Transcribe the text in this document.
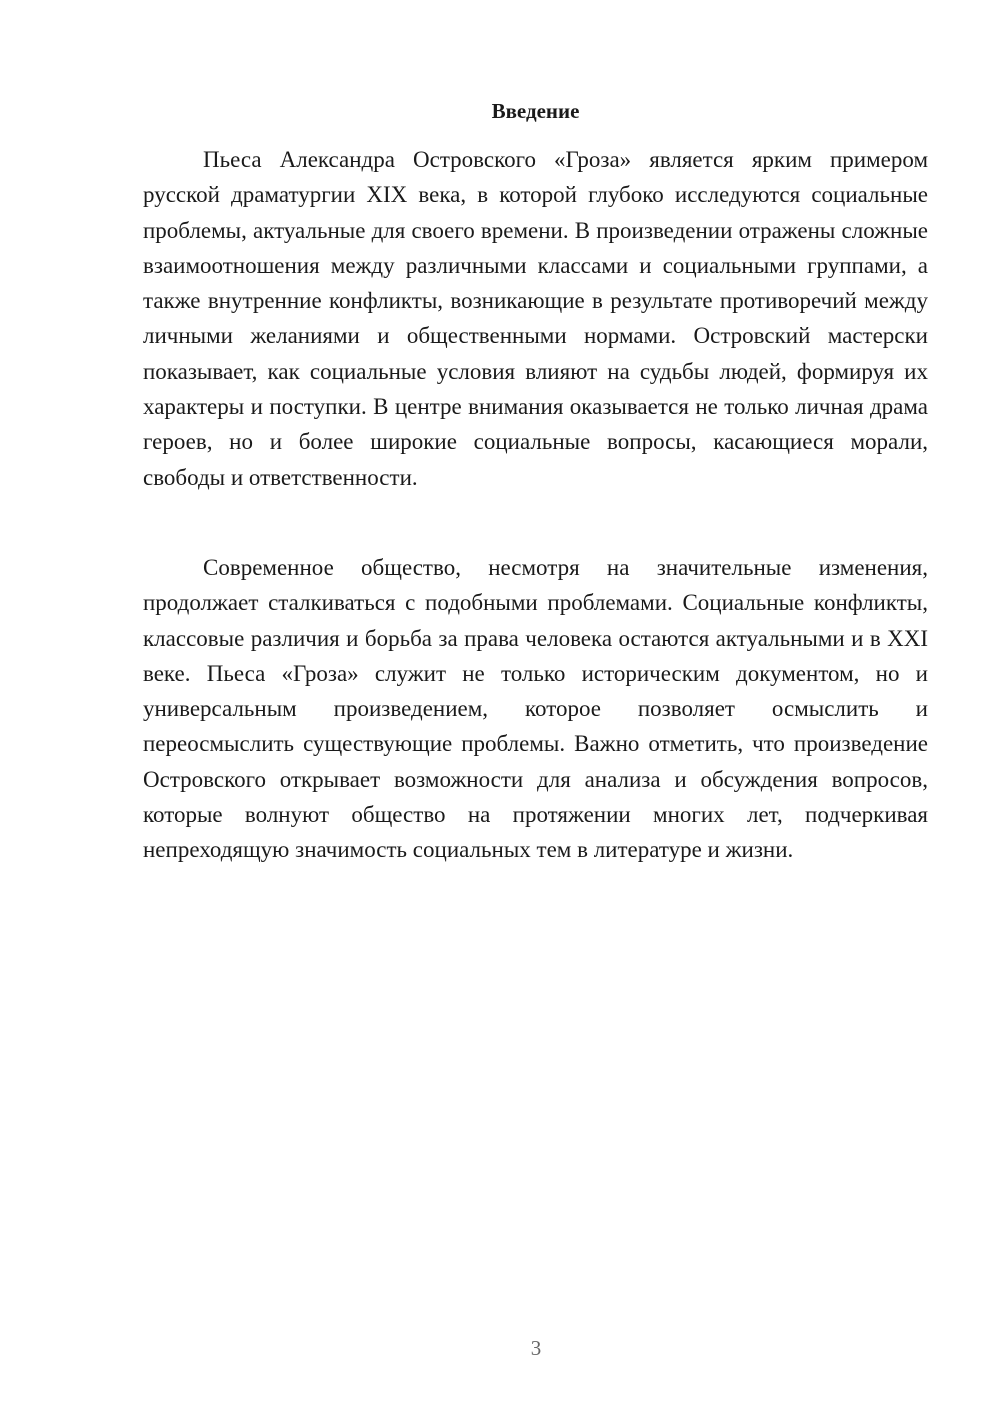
Введение

Пьеса Александра Островского «Гроза» является ярким примером русской драматургии XIX века, в которой глубоко исследуются социальные проблемы, актуальные для своего времени. В произведении отражены сложные взаимоотношения между различными классами и социальными группами, а также внутренние конфликты, возникающие в результате противоречий между личными желаниями и общественными нормами. Островский мастерски показывает, как социальные условия влияют на судьбы людей, формируя их характеры и поступки. В центре внимания оказывается не только личная драма героев, но и более широкие социальные вопросы, касающиеся морали, свободы и ответственности.

Современное общество, несмотря на значительные изменения, продолжает сталкиваться с подобными проблемами. Социальные конфликты, классовые различия и борьба за права человека остаются актуальными и в XXI веке. Пьеса «Гроза» служит не только историческим документом, но и универсальным произведением, которое позволяет осмыслить и переосмыслить существующие проблемы. Важно отметить, что произведение Островского открывает возможности для анализа и обсуждения вопросов, которые волнуют общество на протяжении многих лет, подчеркивая непреходящую значимость социальных тем в литературе и жизни.

3
